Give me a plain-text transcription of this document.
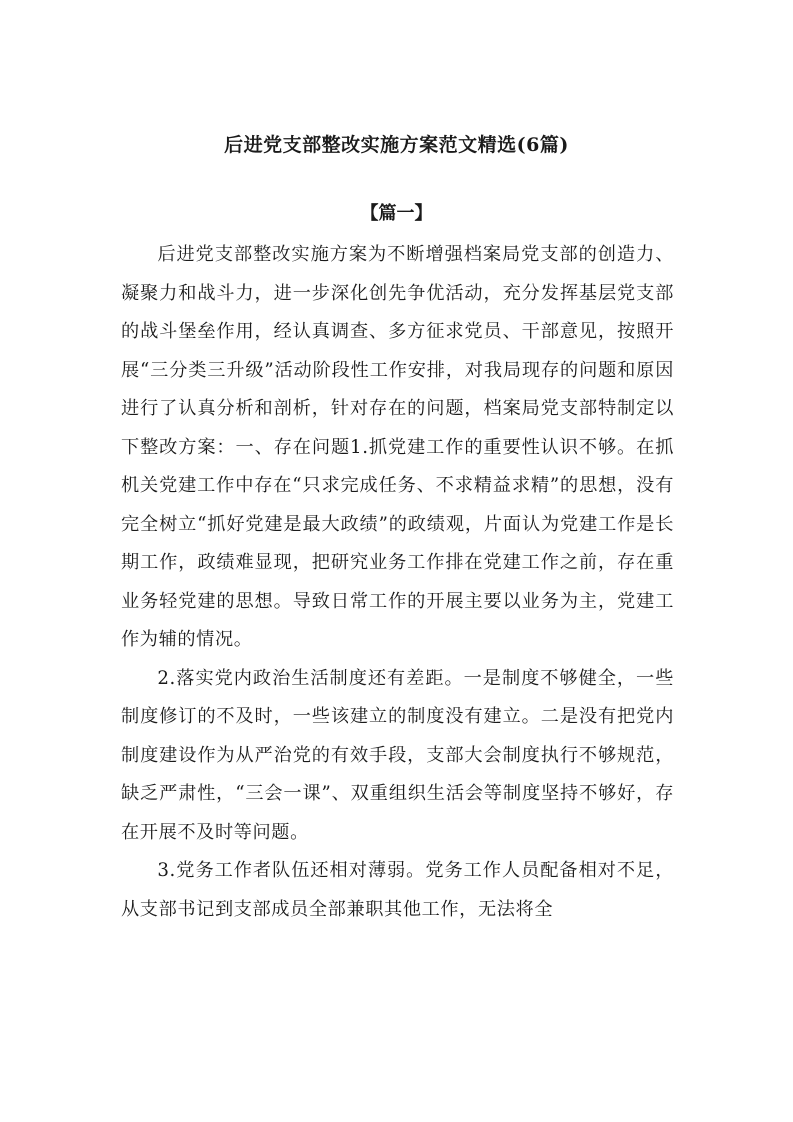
后进党支部整改实施方案范文精选(6篇)
【篇一】

后进党支部整改实施方案为不断增强档案局党支部的创造力、凝聚力和战斗力，进一步深化创先争优活动，充分发挥基层党支部的战斗堡垒作用，经认真调查、多方征求党员、干部意见，按照开展“三分类三升级”活动阶段性工作安排，对我局现存的问题和原因进行了认真分析和剖析，针对存在的问题，档案局党支部特制定以下整改方案：一、存在问题1.抓党建工作的重要性认识不够。在抓机关党建工作中存在“只求完成任务、不求精益求精”的思想，没有完全树立“抓好党建是最大政绩”的政绩观，片面认为党建工作是长期工作，政绩难显现，把研究业务工作排在党建工作之前，存在重业务轻党建的思想。导致日常工作的开展主要以业务为主，党建工作为辅的情况。

2.落实党内政治生活制度还有差距。一是制度不够健全，一些制度修订的不及时，一些该建立的制度没有建立。二是没有把党内制度建设作为从严治党的有效手段，支部大会制度执行不够规范，缺乏严肃性，“三会一课”、双重组织生活会等制度坚持不够好，存在开展不及时等问题。

3.党务工作者队伍还相对薄弱。党务工作人员配备相对不足，从支部书记到支部成员全部兼职其他工作，无法将全
